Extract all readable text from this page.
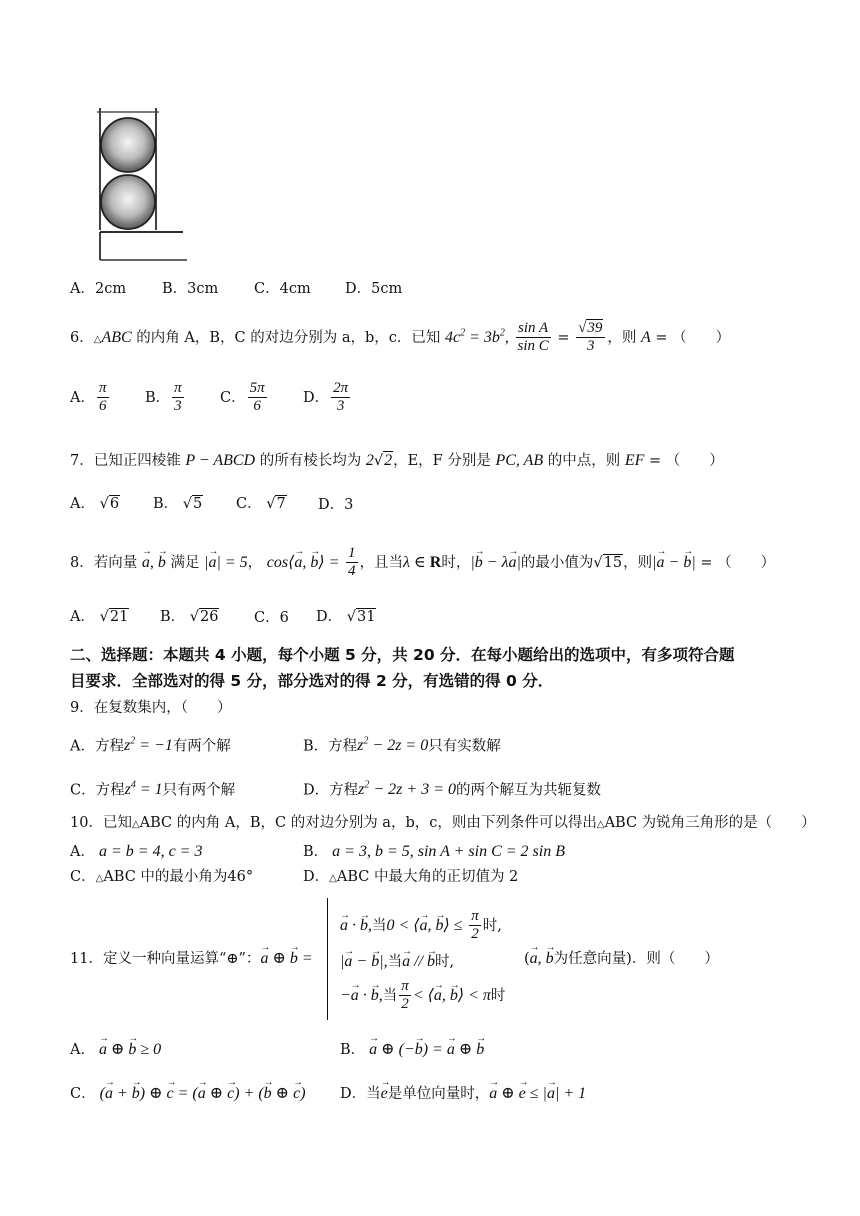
A．2cm B．3cm C．4cm D．5cm
6．△ABC 的内角 A，B，C 的对边分别为 a，b，c．已知 $4c^2 = 3b^2$, $\frac{\text{sin A}}{\text{sin C}} = \frac{√39}{3}$ ，则 A = （　　）
A． $\frac{\pi}{6}$	B． $\frac{\pi}{3}$	C． $\frac{5\pi}{6}$	D． $\frac{2\pi}{3}$
7．已知正四棱锥 P − ABCD 的所有棱长均为 2√2，E，F 分别是 PC, AB 的中点，则 EF = （　　）
A． √6 B． √5 C． √7 D．3
8．若向量 → a, → b 满足 |→ a| = 5， cos⟨→ a, → b⟩ = $\frac{1}{4}$ ，且当λ ∈ R时，|→ b − λ→ a|的最小值为√15，则|→ a − → b| = （　　）
A． √21 B． √26 C．6 D． √31
二、选择题：本题共 4 小题，每个小题 5 分，共 20 分．在每小题给出的选项中，有多项符合题
目要求．全部选对的得 5 分，部分选对的得 2 分，有选错的得 0 分．
9．在复数集内，（　　）
A．方程$z^2 = -1$有两个解	B．方程$z^2 - 2z = 0$只有实数解
C．方程$z^4 = 1$只有两个解	D．方程$z^2 - 2z + 3 = 0$的两个解互为共轭复数
10．已知△ABC 的内角 A，B，C 的对边分别为 a，b，c，则由下列条件可以得出△ABC 为锐角三角形的是（　　）
A． a = b = 4, c = 3	B． a = 3, b = 5, sin A + sin C = 2 sin B
C．△ABC 中的最小角为46°	D．△ABC 中最大角的正切值为 2
11．定义一种向量运算“⊕”：→ a ⊕ → b =
→ a · → b,当0 < ⟨→ a, → b⟩ ≤ $\frac{\pi}{2}$ 时,
|→ a − → b|,当→ a // → b时,
−→ a · → b,当 $\frac{\pi}{2}$ < ⟨→ a, → b⟩ < π时
(→ a, → b为任意向量)．则（　　）
A． → a ⊕ → b ≥ 0	B． → a ⊕ (−→ b) = → a ⊕ → b
C． (→ a + → b) ⊕ → c = (→ a ⊕ → c) + (→ b ⊕ → c) D．当→ e是单位向量时，→ a ⊕ → e ≤ |→ a| + 1
